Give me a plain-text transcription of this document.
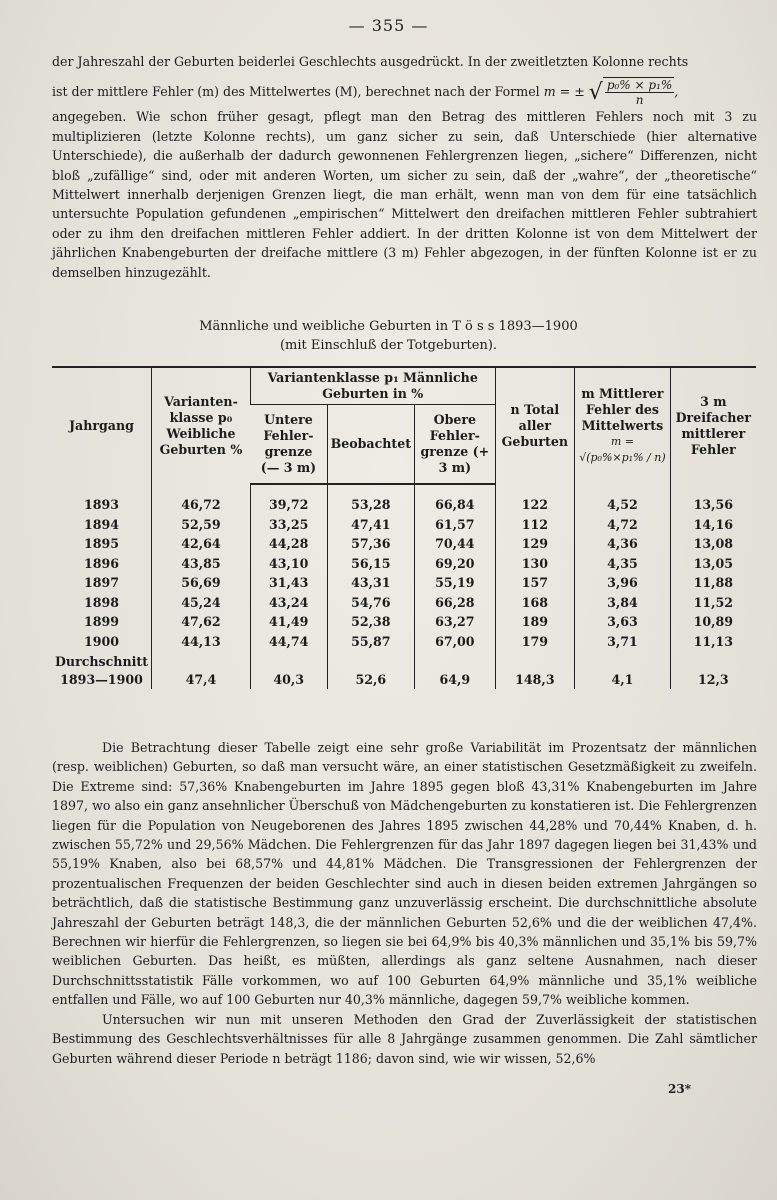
— 355 —

der Jahreszahl der Geburten beiderlei Geschlechts ausgedrückt. In der zweitletzten Kolonne rechts

ist der mittlere Fehler (m) des Mittelwertes (M), berechnet nach der Formel m = ± √ $\frac{\text{p₀\% × p₁\%}}{n}$ ,

angegeben. Wie schon früher gesagt, pflegt man den Betrag des mittleren Fehlers noch mit 3 zu multiplizieren (letzte Kolonne rechts), um ganz sicher zu sein, daß Unterschiede (hier alternative Unterschiede), die außerhalb der dadurch gewonnenen Fehlergrenzen liegen, „sichere“ Differenzen, nicht bloß „zufällige“ sind, oder mit anderen Worten, um sicher zu sein, daß der „wahre“, der „theoretische“ Mittelwert innerhalb derjenigen Grenzen liegt, die man erhält, wenn man von dem für eine tatsächlich untersuchte Population gefundenen „empirischen“ Mittelwert den dreifachen mittleren Fehler subtrahiert oder zu ihm den dreifachen mittleren Fehler addiert. In der dritten Kolonne ist von dem Mittelwert der jährlichen Knabengeburten der dreifache mittlere (3 m) Fehler abgezogen, in der fünften Kolonne ist er zu demselben hinzugezählt.

Männliche und weibliche Geburten in T ö s s 1893—1900
(mit Einschluß der Totgeburten).
Jahrgang	Varianten-klasse p₀ Weibliche Geburten %	Variantenklasse p₁ Männliche Geburten in %			n Total aller Geburten	m Mittlerer Fehler des Mittelwerts
m = √(p₀%×p₁% / n)	3 m Dreifacher mittlerer Fehler
		Untere Fehler-grenze (— 3 m)	Beobachtet	Obere Fehler-grenze (+ 3 m)			
1893	46,72	39,72	53,28	66,84	122	4,52	13,56
1894	52,59	33,25	47,41	61,57	112	4,72	14,16
1895	42,64	44,28	57,36	70,44	129	4,36	13,08
1896	43,85	43,10	56,15	69,20	130	4,35	13,05
1897	56,69	31,43	43,31	55,19	157	3,96	11,88
1898	45,24	43,24	54,76	66,28	168	3,84	11,52
1899	47,62	41,49	52,38	63,27	189	3,63	10,89
1900	44,13	44,74	55,87	67,00	179	3,71	11,13

Durchschnitt
1893—1900	47,4	40,3	52,6	64,9	148,3	4,1	12,3

Die Betrachtung dieser Tabelle zeigt eine sehr große Variabilität im Prozentsatz der männlichen (resp. weiblichen) Geburten, so daß man versucht wäre, an einer statistischen Gesetzmäßigkeit zu zweifeln. Die Extreme sind: 57,36% Knabengeburten im Jahre 1895 gegen bloß 43,31% Knabengeburten im Jahre 1897, wo also ein ganz ansehnlicher Überschuß von Mädchengeburten zu konstatieren ist. Die Fehlergrenzen liegen für die Population von Neugeborenen des Jahres 1895 zwischen 44,28% und 70,44% Knaben, d. h. zwischen 55,72% und 29,56% Mädchen. Die Fehlergrenzen für das Jahr 1897 dagegen liegen bei 31,43% und 55,19% Knaben, also bei 68,57% und 44,81% Mädchen. Die Transgressionen der Fehlergrenzen der prozentualischen Frequenzen der beiden Geschlechter sind auch in diesen beiden extremen Jahrgängen so beträchtlich, daß die statistische Bestimmung ganz unzuverlässig erscheint. Die durchschnittliche absolute Jahreszahl der Geburten beträgt 148,3, die der männlichen Geburten 52,6% und die der weiblichen 47,4%. Berechnen wir hierfür die Fehlergrenzen, so liegen sie bei 64,9% bis 40,3% männlichen und 35,1% bis 59,7% weiblichen Geburten. Das heißt, es müßten, allerdings als ganz seltene Ausnahmen, nach dieser Durchschnittsstatistik Fälle vorkommen, wo auf 100 Geburten 64,9% männliche und 35,1% weibliche entfallen und Fälle, wo auf 100 Geburten nur 40,3% männliche, dagegen 59,7% weibliche kommen.

Untersuchen wir nun mit unseren Methoden den Grad der Zuverlässigkeit der statistischen Bestimmung des Geschlechtsverhältnisses für alle 8 Jahrgänge zusammen genommen. Die Zahl sämtlicher Geburten während dieser Periode n beträgt 1186; davon sind, wie wir wissen, 52,6%

23*
